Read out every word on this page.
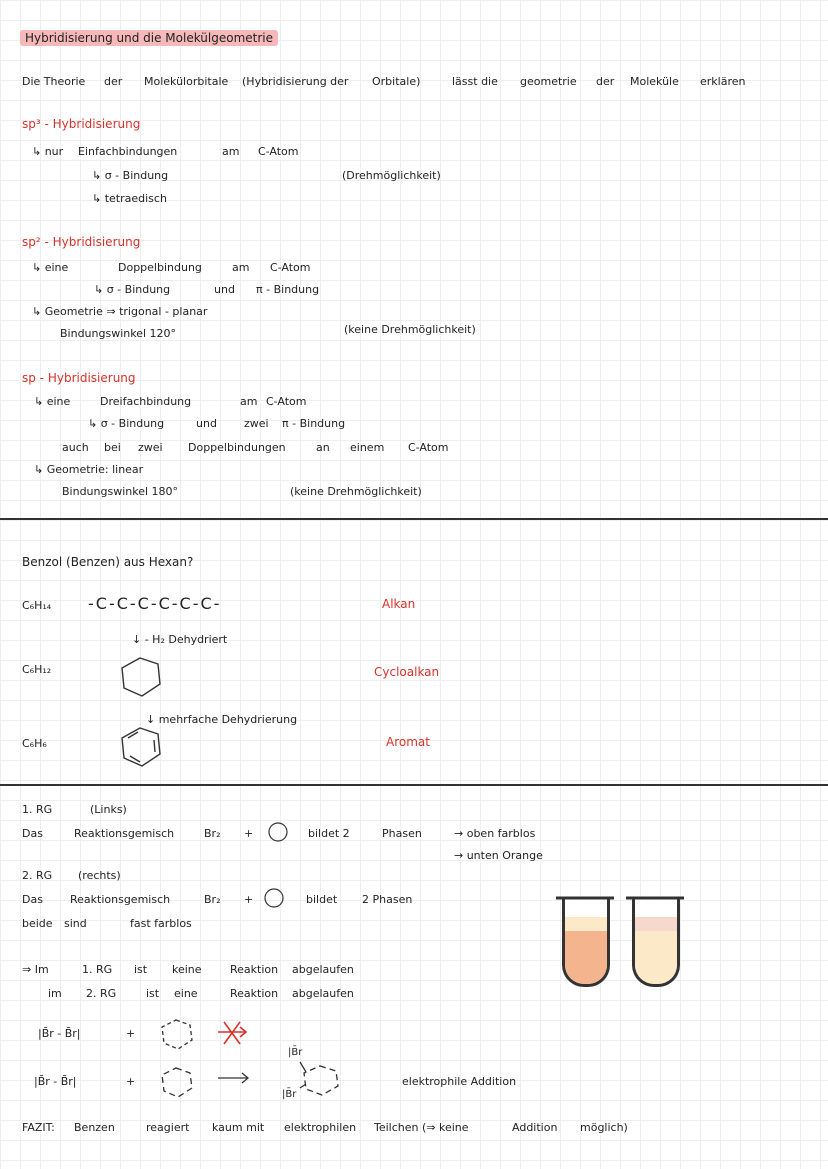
Hybridisierung und die Molekülgeometrie
Die Theorie der Molekülorbitale (Hybridisierung der Orbitale)	lässt die geometrie der Moleküle erklären
sp³ - Hybridisierung
↳ nur Einfachbindungen	am C-Atom
↳ σ - Bindung
↳ tetraedisch
(Drehmöglichkeit)
sp² - Hybridisierung
↳ eine	Doppelbindung	am C-Atom
↳ σ - Bindung	und π - Bindung
↳ Geometrie ⇒ trigonal - planar
Bindungswinkel 120°	(keine Drehmöglichkeit)
sp - Hybridisierung
↳ eine	Dreifachbindung	am C-Atom
↳ σ - Bindung	und zwei π - Bindung
auch bei zwei Doppelbindungen	an einem C-Atom
↳ Geometrie: linear
Bindungswinkel 180°	(keine Drehmöglichkeit)
Benzol (Benzen) aus Hexan?
C₆H₁₄ -C-C-C-C-C-C-	Alkan
↓ - H₂ Dehydriert
C₆H₁₂	Cycloalkan
↓ mehrfache Dehydrierung
C₆H₆	Aromat
1. RG	(Links)
Das	Reaktionsgemisch	Br₂ +	bildet 2	Phasen	→ oben farblos
→ unten Orange
2. RG (rechts)
Das Reaktionsgemisch	Br₂ +	bildet 2 Phasen
beide sind	fast farblos
⇒ Im	1. RG ist keine	Reaktion abgelaufen
im 2. RG	ist eine	Reaktion abgelaufen
|B̄r - B̄r|	+
|B̄r - B̄r|	+
|B̄r
|B̄r
elektrophile Addition
FAZIT: Benzen	reagiert kaum mit elektrophilen Teilchen (⇒ keine	Addition möglich)
